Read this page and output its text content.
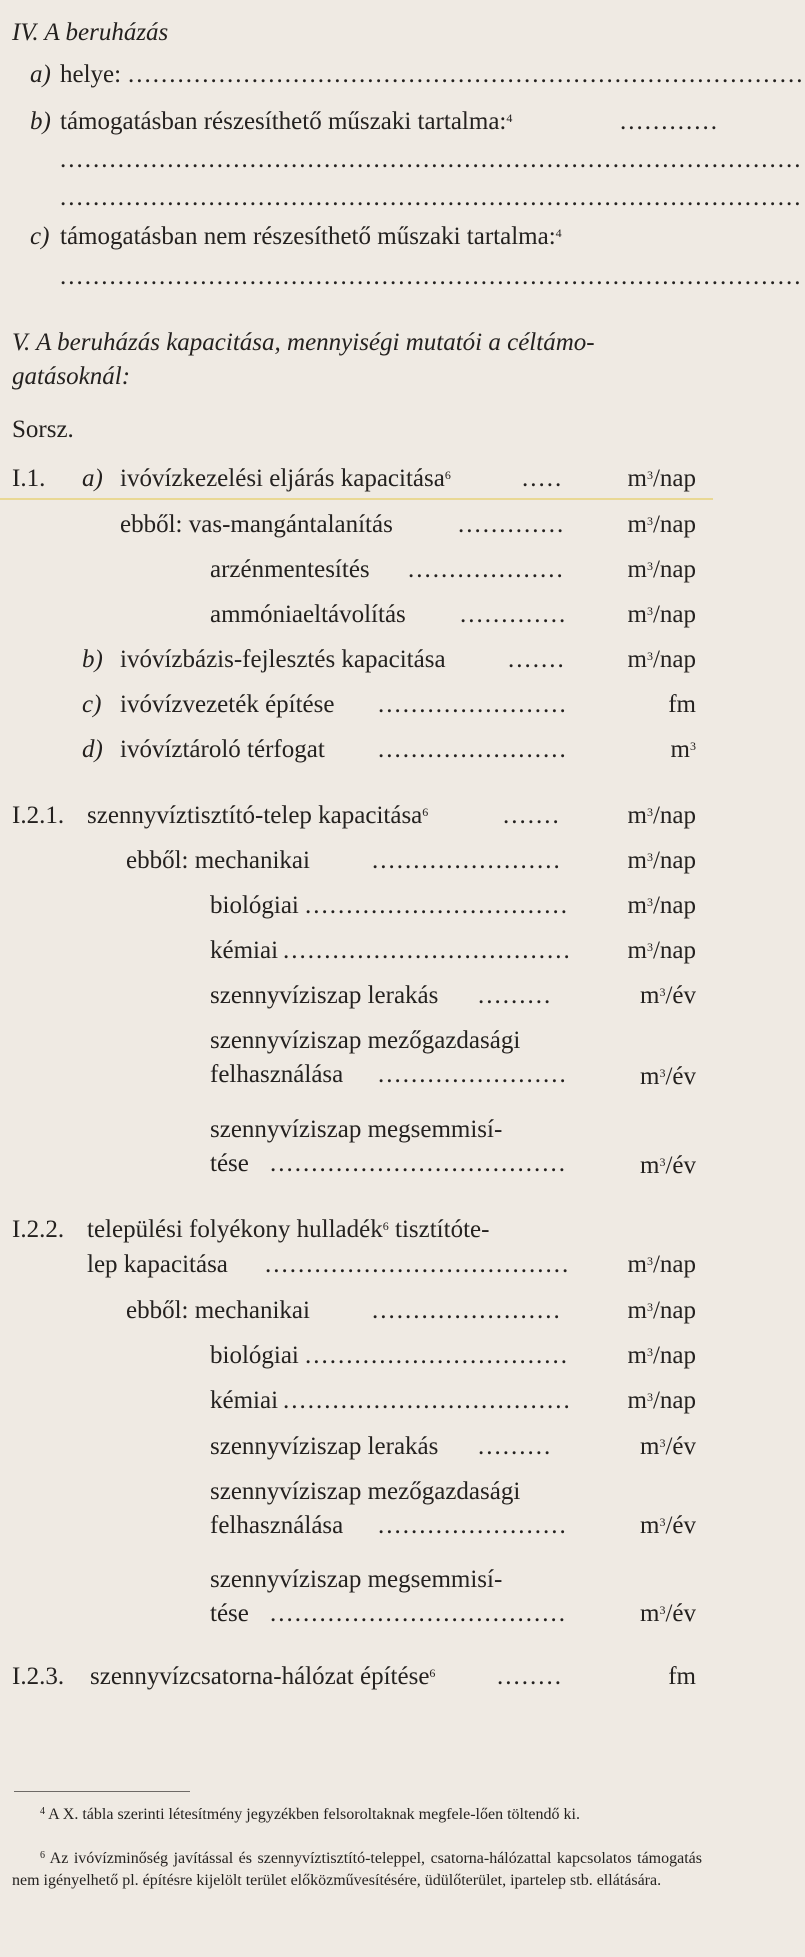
IV. A beruházás
a) helye: ..................................................................................
b) támogatásban részesíthető műszaki tartalma:$^4$	............
..........................................................................................
..........................................................................................
c) támogatásban nem részesíthető műszaki tartalma:$^4$
..........................................................................................
V. A beruházás kapacitása, mennyiségi mutatói a céltámo-
gatásoknál:
Sorsz.
I.1. a) ivóvízkezelési eljárás kapacitása$^6$	.....	$m^3$/nap
ebből: vas-mangántalanítás	............. $m^3$/nap
arzénmentesítés ...................	$m^3$/nap
ammóniaeltávolítás ............. $m^3$/nap
b) ivóvízbázis-fejlesztés kapacitása ....... $m^3$/nap
c) ivóvízvezeték építése .......................	fm
d) ivóvíztároló térfogat .......................	$m^3$
I.2.1. szennyvíztisztító-telep kapacitása$^6$	.......	$m^3$/nap
ebből: mechanikai .......................	$m^3$/nap
biológiai ................................ $m^3$/nap
kémiai ................................... $m^3$/nap
szennyvíziszap lerakás .........	$m^3/év$
szennyvíziszap mezőgazdasági
felhasználása .......................	$m^3/év$
szennyvíziszap megsemmisí-
tése ....................................	$m^3/év$
I.2.2. települési folyékony hulladék$^6$ tisztítóte-
lep kapacitása ..................................... $m^3$/nap
ebből: mechanikai .......................	$m^3$/nap
biológiai ................................ $m^3$/nap
kémiai ................................... $m^3$/nap
szennyvíziszap lerakás .........	$m^3/év$
szennyvíziszap mezőgazdasági
felhasználása .......................	$m^3/év$
szennyvíziszap megsemmisí-
tése ....................................	$m^3/év$
I.2.3. szennyvízcsatorna-hálózat építése$^6$ ........	fm
$^4$ A X. tábla szerinti létesítmény jegyzékben felsoroltaknak megfele-lően töltendő ki.
$^6$ Az ivóvízminőség javítással és szennyvíztisztító-teleppel, csatorna-hálózattal kapcsolatos támogatás nem igényelhető pl. építésre kijelölt terület előközművesítésére, üdülőterület, ipartelep stb. ellátására.
